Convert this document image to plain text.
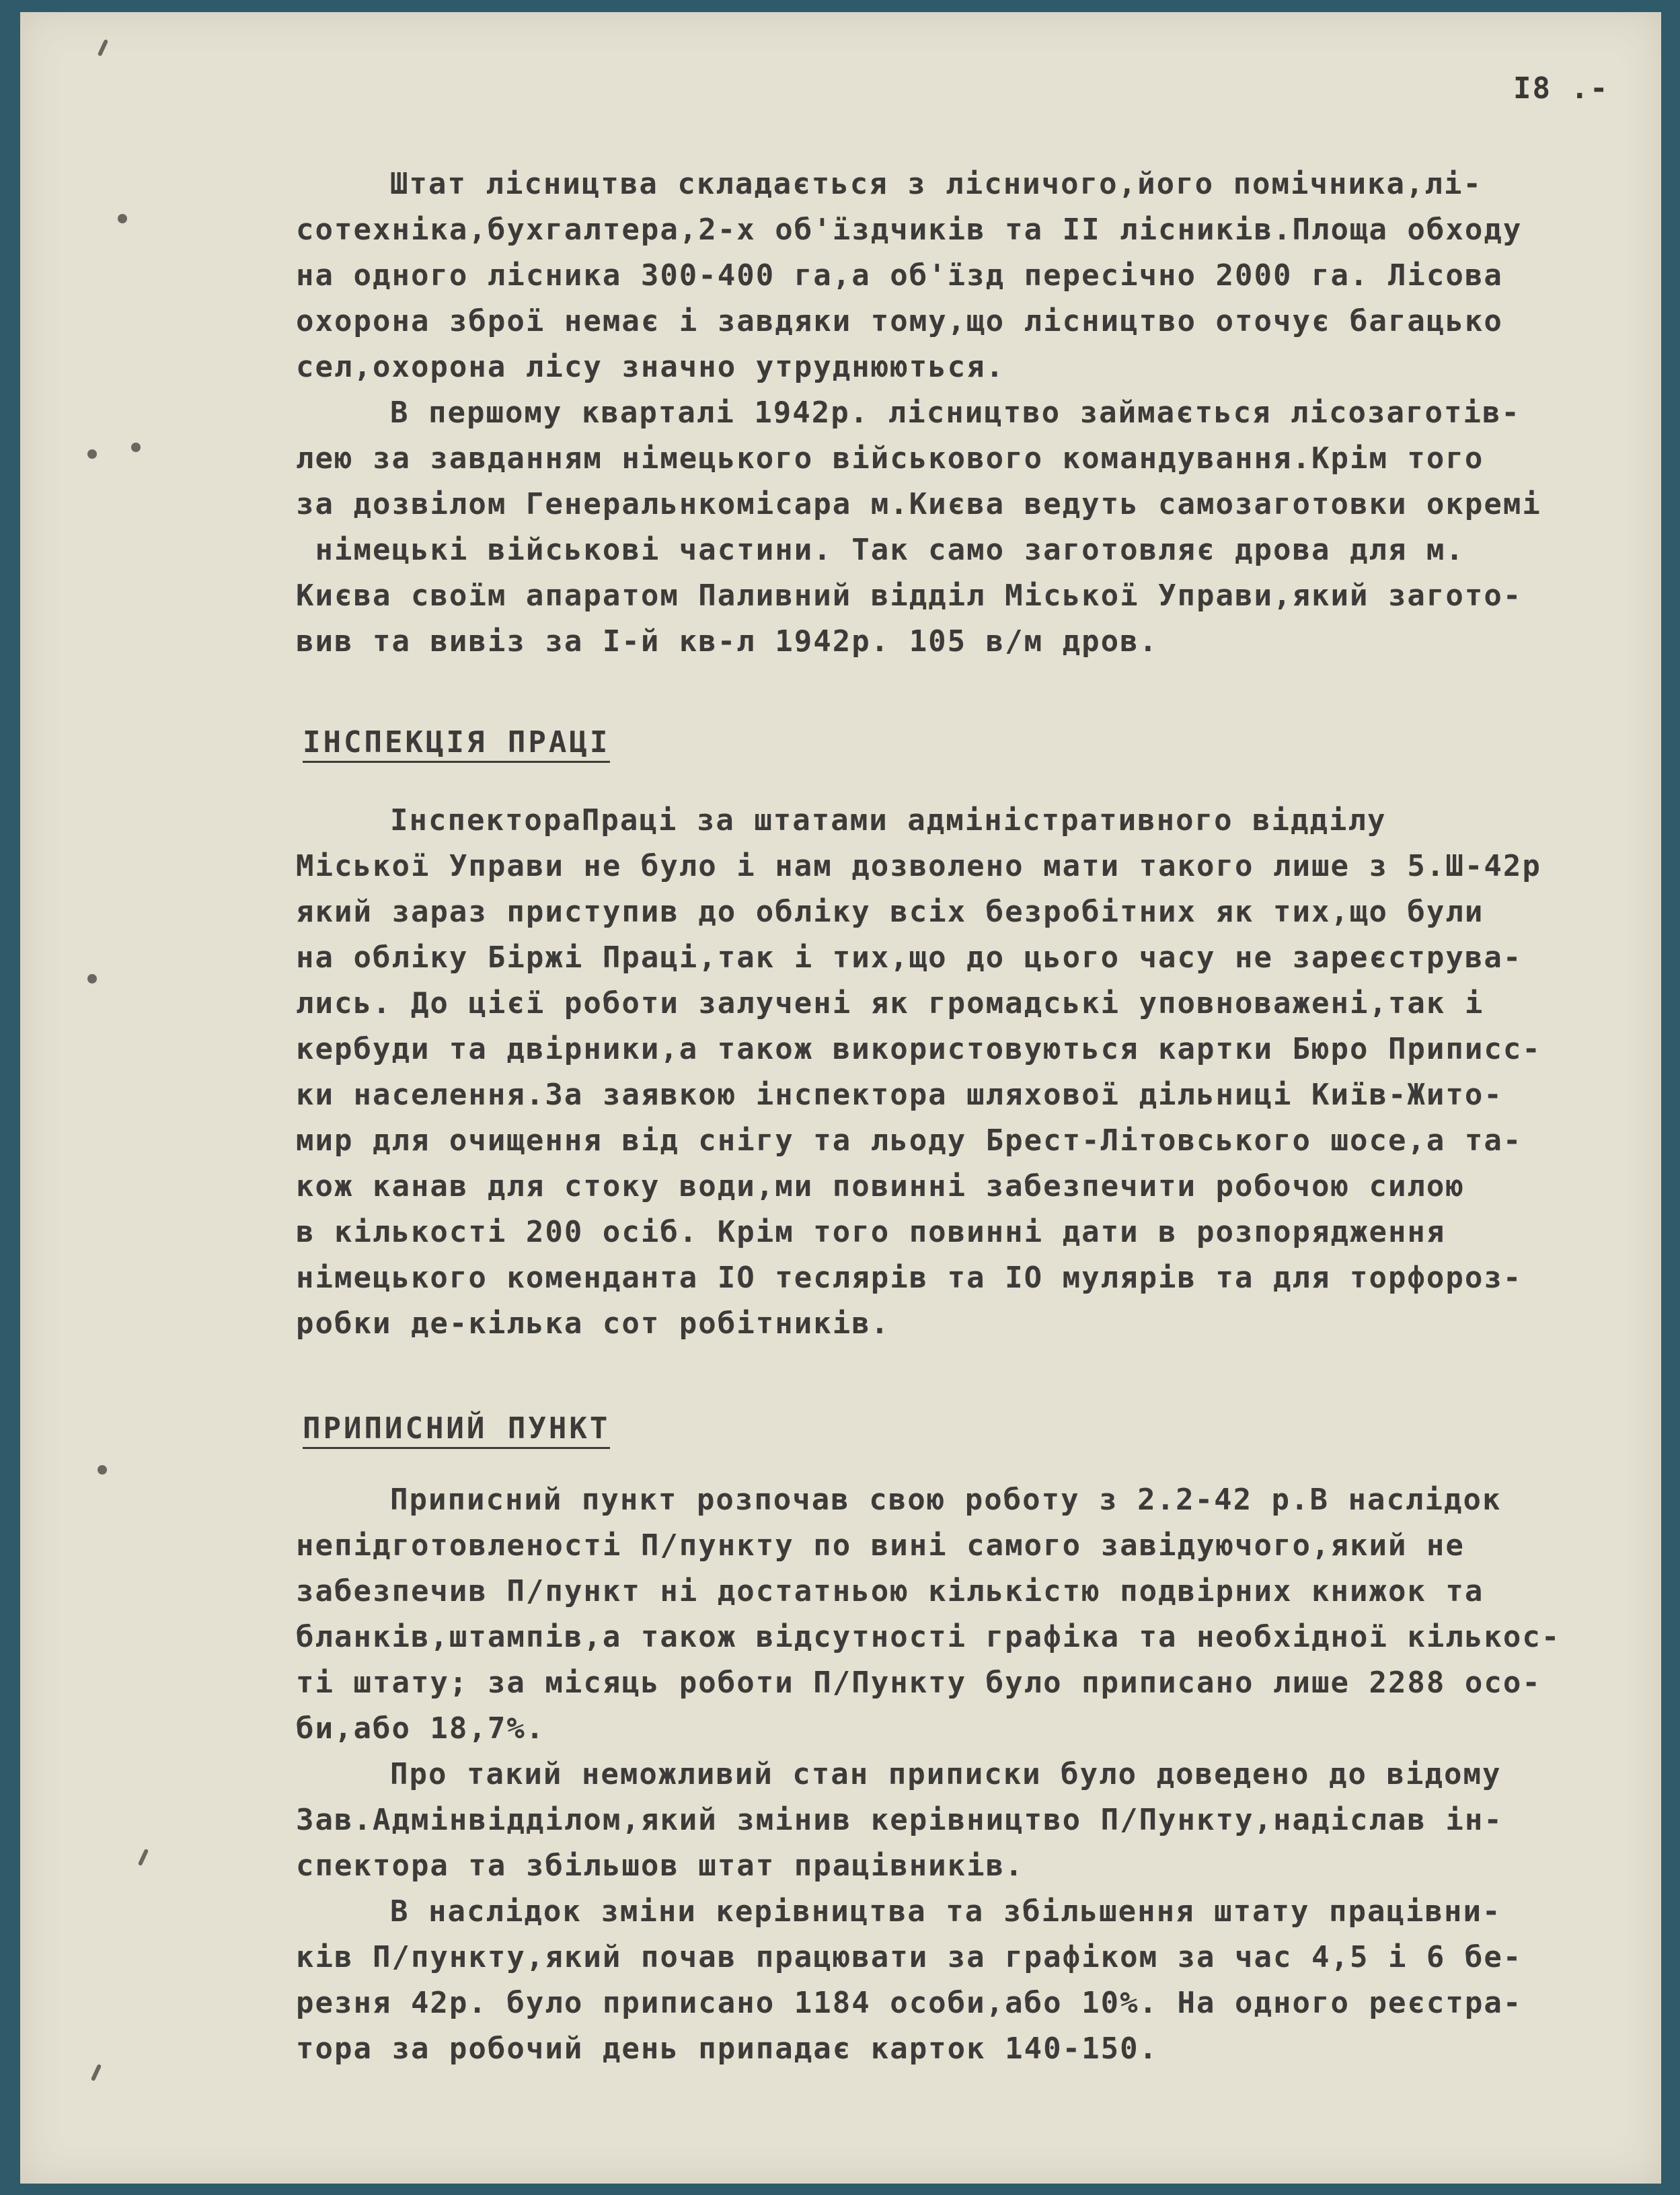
I8 .-
Штат лісництва складається з лісничого,його помічника,лі-
сотехніка,бухгалтера,2-х об'їздчиків та II лісників.Площа обходу
на одного лісника 300-400 га,а об'їзд пересічно 2000 га. Лісова
охорона зброї немає і завдяки тому,що лісництво оточує багацько
сел,охорона лісу значно утруднюються.
В першому кварталі 1942р. лісництво займається лісозаготів-
лею за завданням німецького військового командування.Крім того
за дозвілом Генеральнкомісара м.Києва ведуть самозаготовки окремі
німецькі військові частини. Так само заготовляє дрова для м.
Києва своїм апаратом Паливний відділ Міської Управи,який загото-
вив та вивіз за I-й кв-л 1942р. 105 в/м дров.
ІНСПЕКЦІЯ ПРАЦІ
ІнспектораПраці за штатами адміністративного відділу
Міської Управи не було і нам дозволено мати такого лише з 5.Ш-42р
який зараз приступив до обліку всіх безробітних як тих,що були
на обліку Біржі Праці,так і тих,що до цього часу не зареєструва-
лись. До цієї роботи залучені як громадські уповноважені,так і
кербуди та двірники,а також використовуються картки Бюро Приписс-
ки населення.За заявкою інспектора шляхової дільниці Київ-Жито-
мир для очищення від снігу та льоду Брест-Літовського шосе,а та-
кож канав для стоку води,ми повинні забезпечити робочою силою
в кількості 200 осіб. Крім того повинні дати в розпорядження
німецького коменданта IO теслярів та IO мулярів та для торфороз-
робки де-кілька сот робітників.
ПРИПИСНИЙ ПУНКТ
Приписний пункт розпочав свою роботу з 2.2-42 р.В наслідок
непідготовленості П/пункту по вині самого завідуючого,який не
забезпечив П/пункт ні достатньою кількістю подвірних книжок та
бланків,штампів,а також відсутності графіка та необхідної кількос-
ті штату; за місяць роботи П/Пункту було приписано лише 2288 осо-
би,або 18,7%.
Про такий неможливий стан приписки було доведено до відому
Зав.Адмінвідділом,який змінив керівництво П/Пункту,надіслав ін-
спектора та збільшов штат працівників.
В наслідок зміни керівництва та збільшення штату працівни-
ків П/пункту,який почав працювати за графіком за час 4,5 і 6 бе-
резня 42р. було приписано 1184 особи,або 10%. На одного реєстра-
тора за робочий день припадає карток 140-150.
